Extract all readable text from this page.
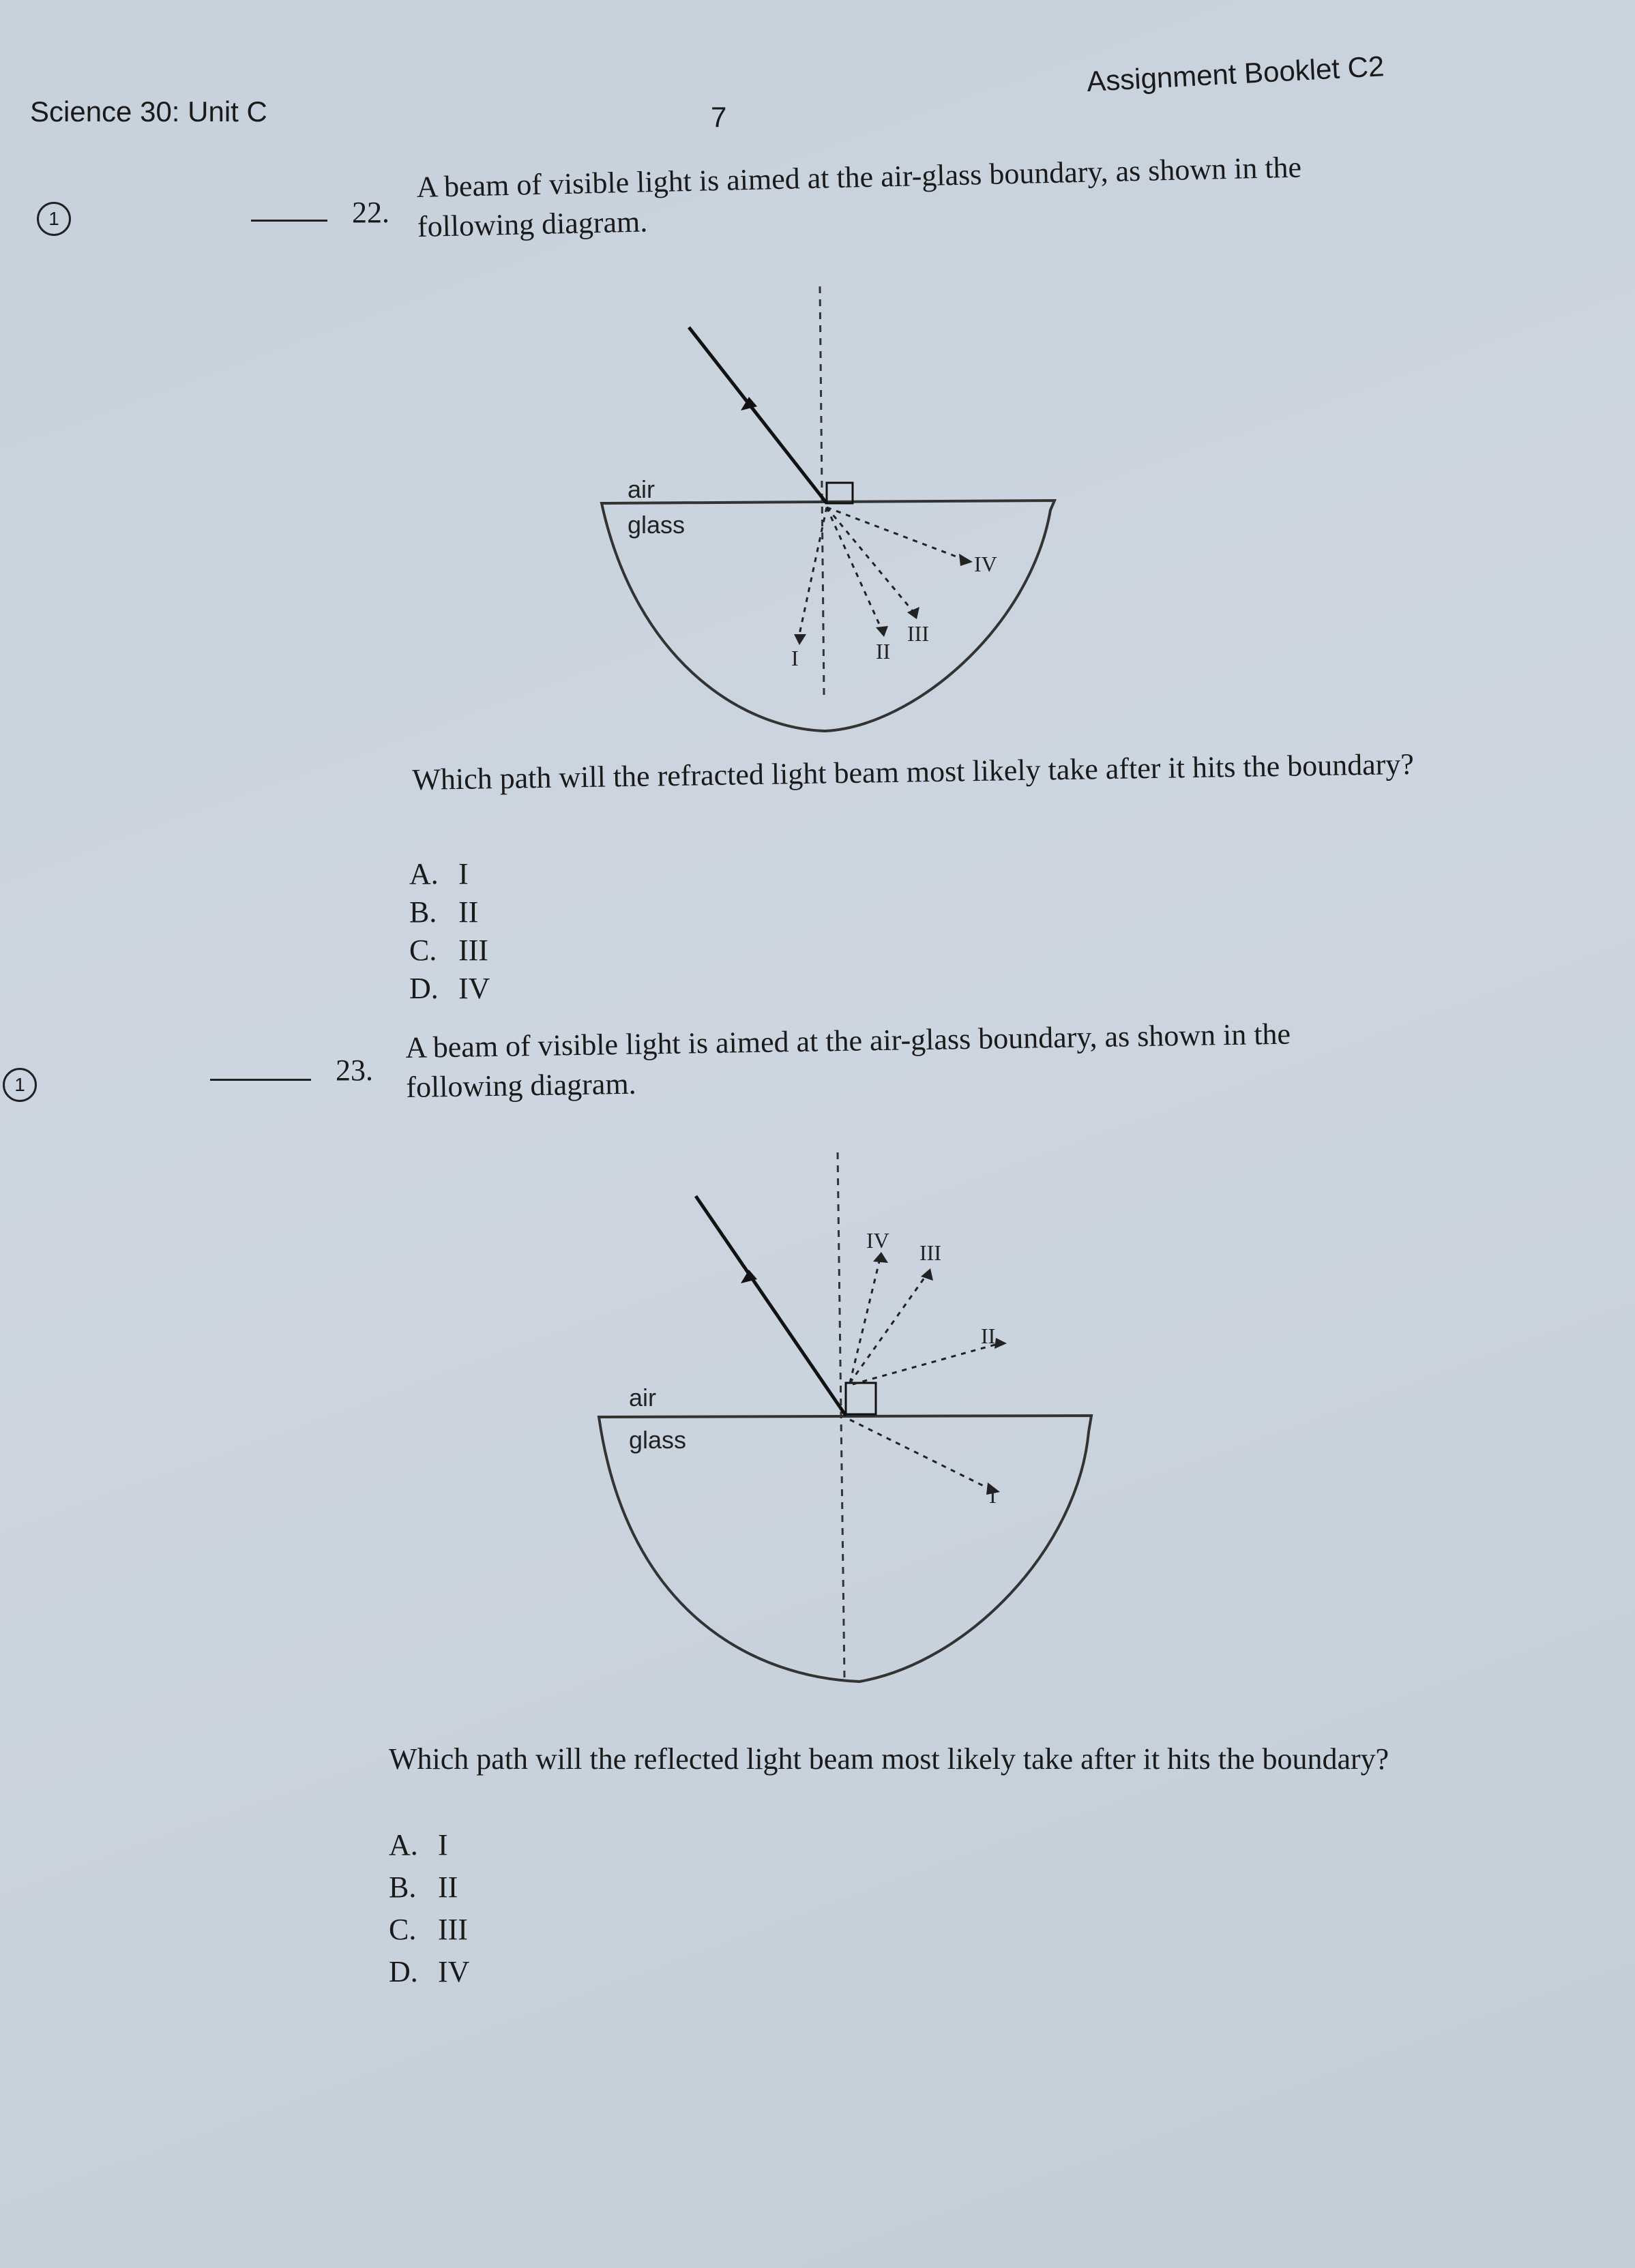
Science 30: Unit C	7
Assignment Booklet C2
1	22.
A beam of visible light is aimed at the air-glass boundary, as shown in the
following diagram.
air
glass
I	II
III
IV
Which path will the refracted light beam most likely take after it hits the boundary?
A. I
B. II
C. III
D. IV
1	23.
A beam of visible light is aimed at the air-glass boundary, as shown in the
following diagram.
air
glass
I
II
III
IV
Which path will the reflected light beam most likely take after it hits the boundary?
A. I
B. II
C. III
D. IV
